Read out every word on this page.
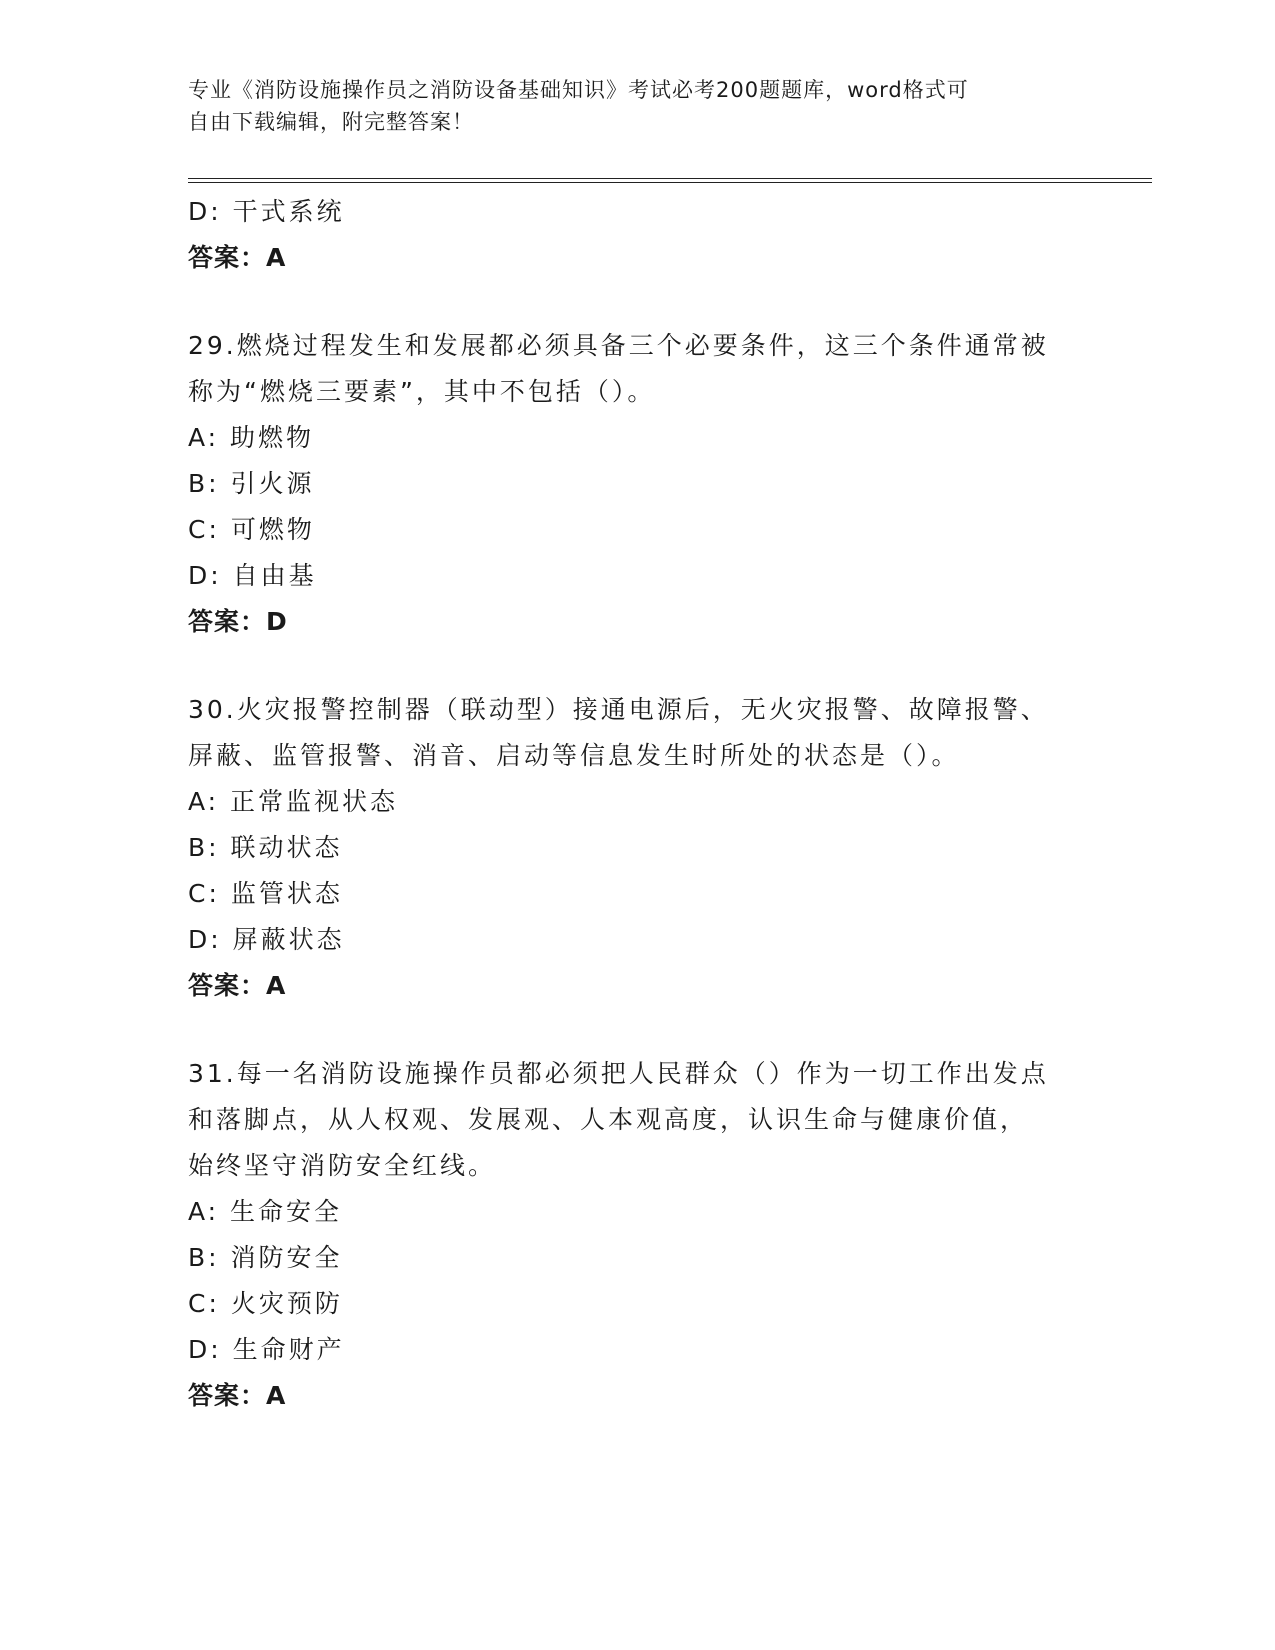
专业《消防设施操作员之消防设备基础知识》考试必考200题题库，word格式可
自由下载编辑，附完整答案！
D: 干式系统
答案：A
29.燃烧过程发生和发展都必须具备三个必要条件，这三个条件通常被
称为“燃烧三要素”，其中不包括（）。
A: 助燃物
B: 引火源
C: 可燃物
D: 自由基
答案：D
30.火灾报警控制器（联动型）接通电源后，无火灾报警、故障报警、
屏蔽、监管报警、消音、启动等信息发生时所处的状态是（）。
A: 正常监视状态
B: 联动状态
C: 监管状态
D: 屏蔽状态
答案：A
31.每一名消防设施操作员都必须把人民群众（）作为一切工作出发点
和落脚点，从人权观、发展观、人本观高度，认识生命与健康价值，
始终坚守消防安全红线。
A: 生命安全
B: 消防安全
C: 火灾预防
D: 生命财产
答案：A
